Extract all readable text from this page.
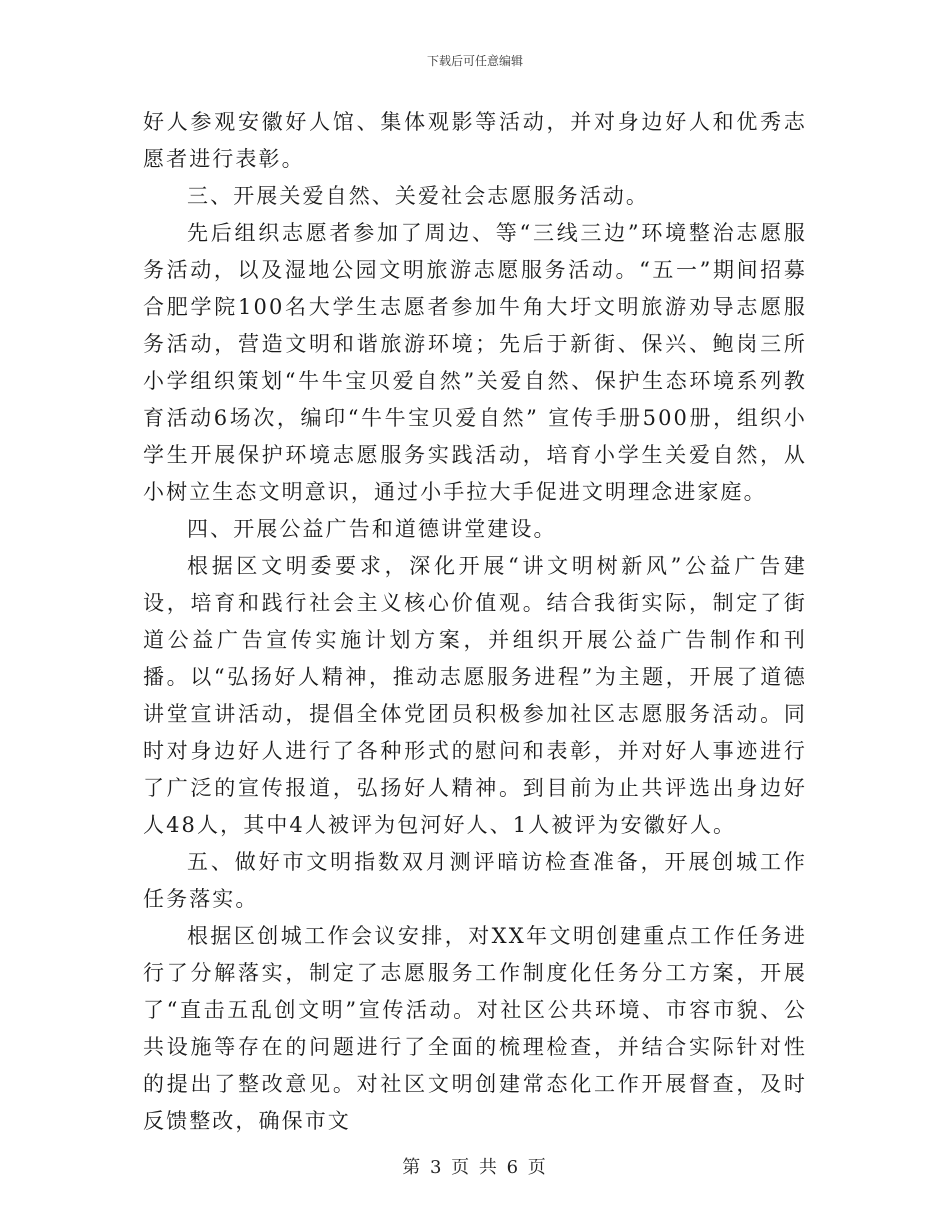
下载后可任意编辑

好人参观安徽好人馆、集体观影等活动，并对身边好人和优秀志愿者进行表彰。

三、开展关爱自然、关爱社会志愿服务活动。

先后组织志愿者参加了周边、等“三线三边”环境整治志愿服务活动，以及湿地公园文明旅游志愿服务活动。“五一”期间招募合肥学院100名大学生志愿者参加牛角大圩文明旅游劝导志愿服务活动，营造文明和谐旅游环境；先后于新街、保兴、鲍岗三所小学组织策划“牛牛宝贝爱自然”关爱自然、保护生态环境系列教育活动6场次，编印“牛牛宝贝爱自然” 宣传手册500册，组织小学生开展保护环境志愿服务实践活动，培育小学生关爱自然，从小树立生态文明意识，通过小手拉大手促进文明理念进家庭。

四、开展公益广告和道德讲堂建设。

根据区文明委要求，深化开展“讲文明树新风”公益广告建设，培育和践行社会主义核心价值观。结合我街实际，制定了街道公益广告宣传实施计划方案，并组织开展公益广告制作和刊播。以“弘扬好人精神，推动志愿服务进程”为主题，开展了道德讲堂宣讲活动，提倡全体党团员积极参加社区志愿服务活动。同时对身边好人进行了各种形式的慰问和表彰，并对好人事迹进行了广泛的宣传报道，弘扬好人精神。到目前为止共评选出身边好人48人，其中4人被评为包河好人、1人被评为安徽好人。

五、做好市文明指数双月测评暗访检查准备，开展创城工作任务落实。

根据区创城工作会议安排，对XX年文明创建重点工作任务进行了分解落实，制定了志愿服务工作制度化任务分工方案，开展了“直击五乱创文明”宣传活动。对社区公共环境、市容市貌、公共设施等存在的问题进行了全面的梳理检查，并结合实际针对性的提出了整改意见。对社区文明创建常态化工作开展督查，及时反馈整改，确保市文

第 3 页 共 6 页
